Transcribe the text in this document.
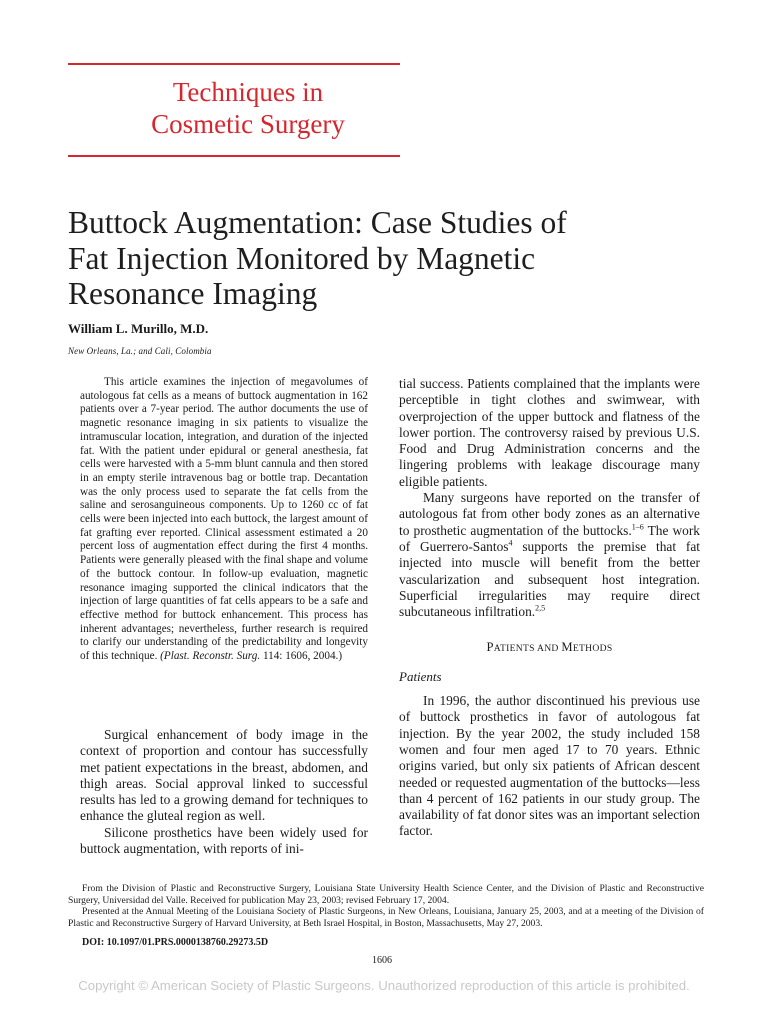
Techniques in
Cosmetic Surgery
Buttock Augmentation: Case Studies of
Fat Injection Monitored by Magnetic
Resonance Imaging
William L. Murillo, M.D.
New Orleans, La.; and Cali, Colombia

This article examines the injection of megavolumes of autologous fat cells as a means of buttock augmentation in 162 patients over a 7-year period. The author documents the use of magnetic resonance imaging in six patients to visualize the intramuscular location, integration, and duration of the injected fat. With the patient under epidural or general anesthesia, fat cells were harvested with a 5-mm blunt cannula and then stored in an empty sterile intravenous bag or bottle trap. Decantation was the only process used to separate the fat cells from the saline and serosanguineous components. Up to 1260 cc of fat cells were been injected into each buttock, the largest amount of fat grafting ever reported. Clinical assessment estimated a 20 percent loss of augmentation effect during the first 4 months. Patients were generally pleased with the final shape and volume of the buttock contour. In follow-up evaluation, magnetic resonance imaging supported the clinical indicators that the injection of large quantities of fat cells appears to be a safe and effective method for buttock enhancement. This process has inherent advantages; nevertheless, further research is required to clarify our understanding of the predictability and longevity of this technique. (Plast. Reconstr. Surg. 114: 1606, 2004.)

Surgical enhancement of body image in the context of proportion and contour has successfully met patient expectations in the breast, abdomen, and thigh areas. Social approval linked to successful results has led to a growing demand for techniques to enhance the gluteal region as well.
Silicone prosthetics have been widely used for buttock augmentation, with reports of ini-
tial success. Patients complained that the implants were perceptible in tight clothes and swimwear, with overprojection of the upper buttock and flatness of the lower portion. The controversy raised by previous U.S. Food and Drug Administration concerns and the lingering problems with leakage discourage many eligible patients.
Many surgeons have reported on the transfer of autologous fat from other body zones as an alternative to prosthetic augmentation of the buttocks.$^{1-6}$ The work of Guerrero-Santos$^4$ supports the premise that fat injected into muscle will benefit from the better vascularization and subsequent host integration. Superficial irregularities may require direct subcutaneous infiltration.$^{2,5}$
PATIENTS AND METHODS
Patients
In 1996, the author discontinued his previous use of buttock prosthetics in favor of autologous fat injection. By the year 2002, the study included 158 women and four men aged 17 to 70 years. Ethnic origins varied, but only six patients of African descent needed or requested augmentation of the buttocks—less than 4 percent of 162 patients in our study group. The availability of fat donor sites was an important selection factor.

From the Division of Plastic and Reconstructive Surgery, Louisiana State University Health Science Center, and the Division of Plastic and Reconstructive Surgery, Universidad del Valle. Received for publication May 23, 2003; revised February 17, 2004.

Presented at the Annual Meeting of the Louisiana Society of Plastic Surgeons, in New Orleans, Louisiana, January 25, 2003, and at a meeting of the Division of Plastic and Reconstructive Surgery of Harvard University, at Beth Israel Hospital, in Boston, Massachusetts, May 27, 2003.

DOI: 10.1097/01.PRS.0000138760.29273.5D
1606
Copyright © American Society of Plastic Surgeons. Unauthorized reproduction of this article is prohibited.
